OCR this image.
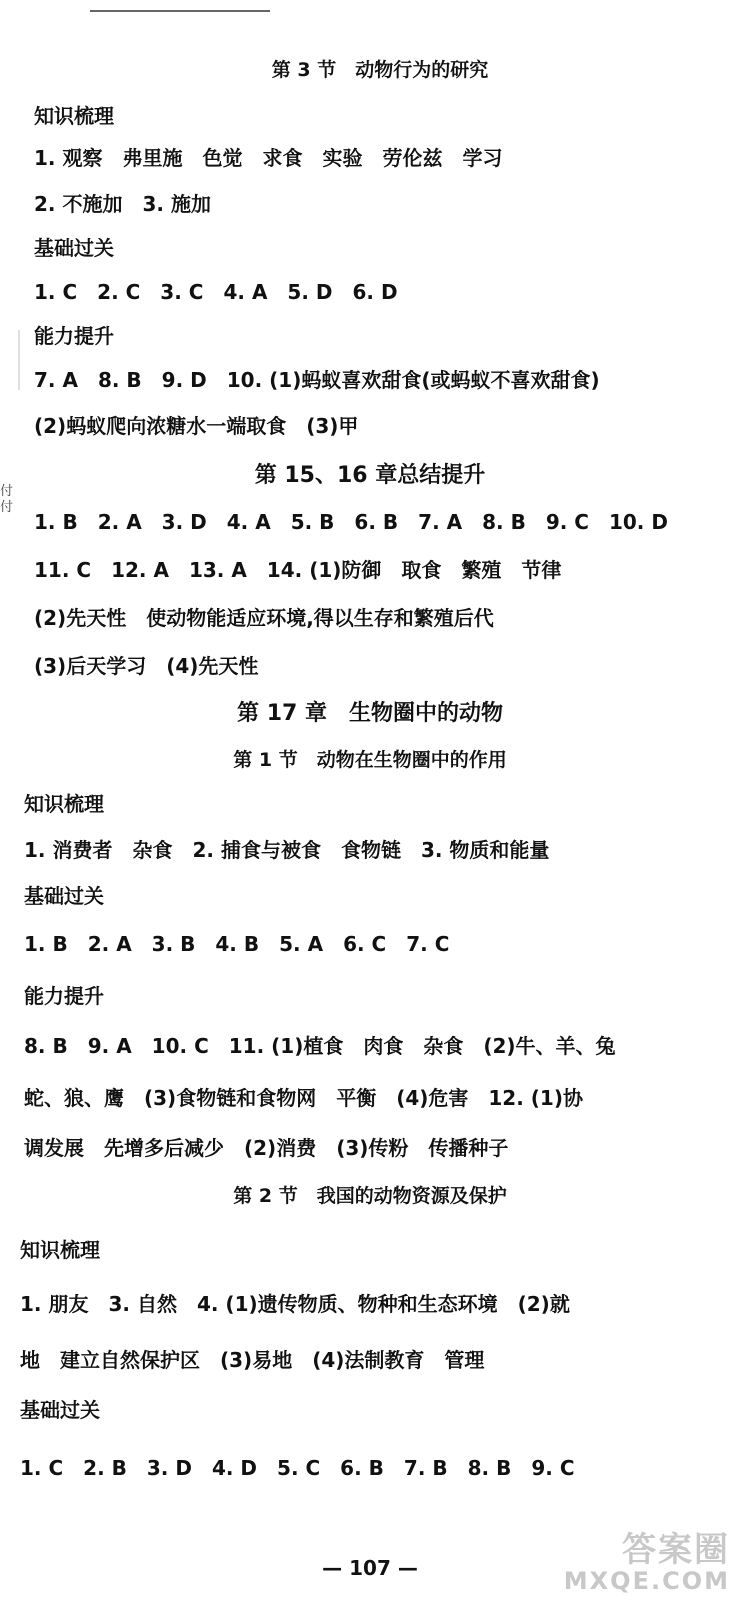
付
付
第 3 节　动物行为的研究
知识梳理
1. 观察　弗里施　色觉　求食　实验　劳伦兹　学习
2. 不施加　3. 施加
基础过关
1. C　2. C　3. C　4. A　5. D　6. D
能力提升
7. A　8. B　9. D　10. (1)蚂蚁喜欢甜食(或蚂蚁不喜欢甜食)
(2)蚂蚁爬向浓糖水一端取食　(3)甲
第 15、16 章总结提升
1. B　2. A　3. D　4. A　5. B　6. B　7. A　8. B　9. C　10. D
11. C　12. A　13. A　14. (1)防御　取食　繁殖　节律
(2)先天性　使动物能适应环境,得以生存和繁殖后代
(3)后天学习　(4)先天性
第 17 章　生物圈中的动物
第 1 节　动物在生物圈中的作用
知识梳理
1. 消费者　杂食　2. 捕食与被食　食物链　3. 物质和能量
基础过关
1. B　2. A　3. B　4. B　5. A　6. C　7. C
能力提升
8. B　9. A　10. C　11. (1)植食　肉食　杂食　(2)牛、羊、兔
蛇、狼、鹰　(3)食物链和食物网　平衡　(4)危害　12. (1)协
调发展　先增多后减少　(2)消费　(3)传粉　传播种子
第 2 节　我国的动物资源及保护
知识梳理
1. 朋友　3. 自然　4. (1)遗传物质、物种和生态环境　(2)就
地　建立自然保护区　(3)易地　(4)法制教育　管理
基础过关
1. C　2. B　3. D　4. D　5. C　6. B　7. B　8. B　9. C
— 107 —	答案圈
MXQE.COM
